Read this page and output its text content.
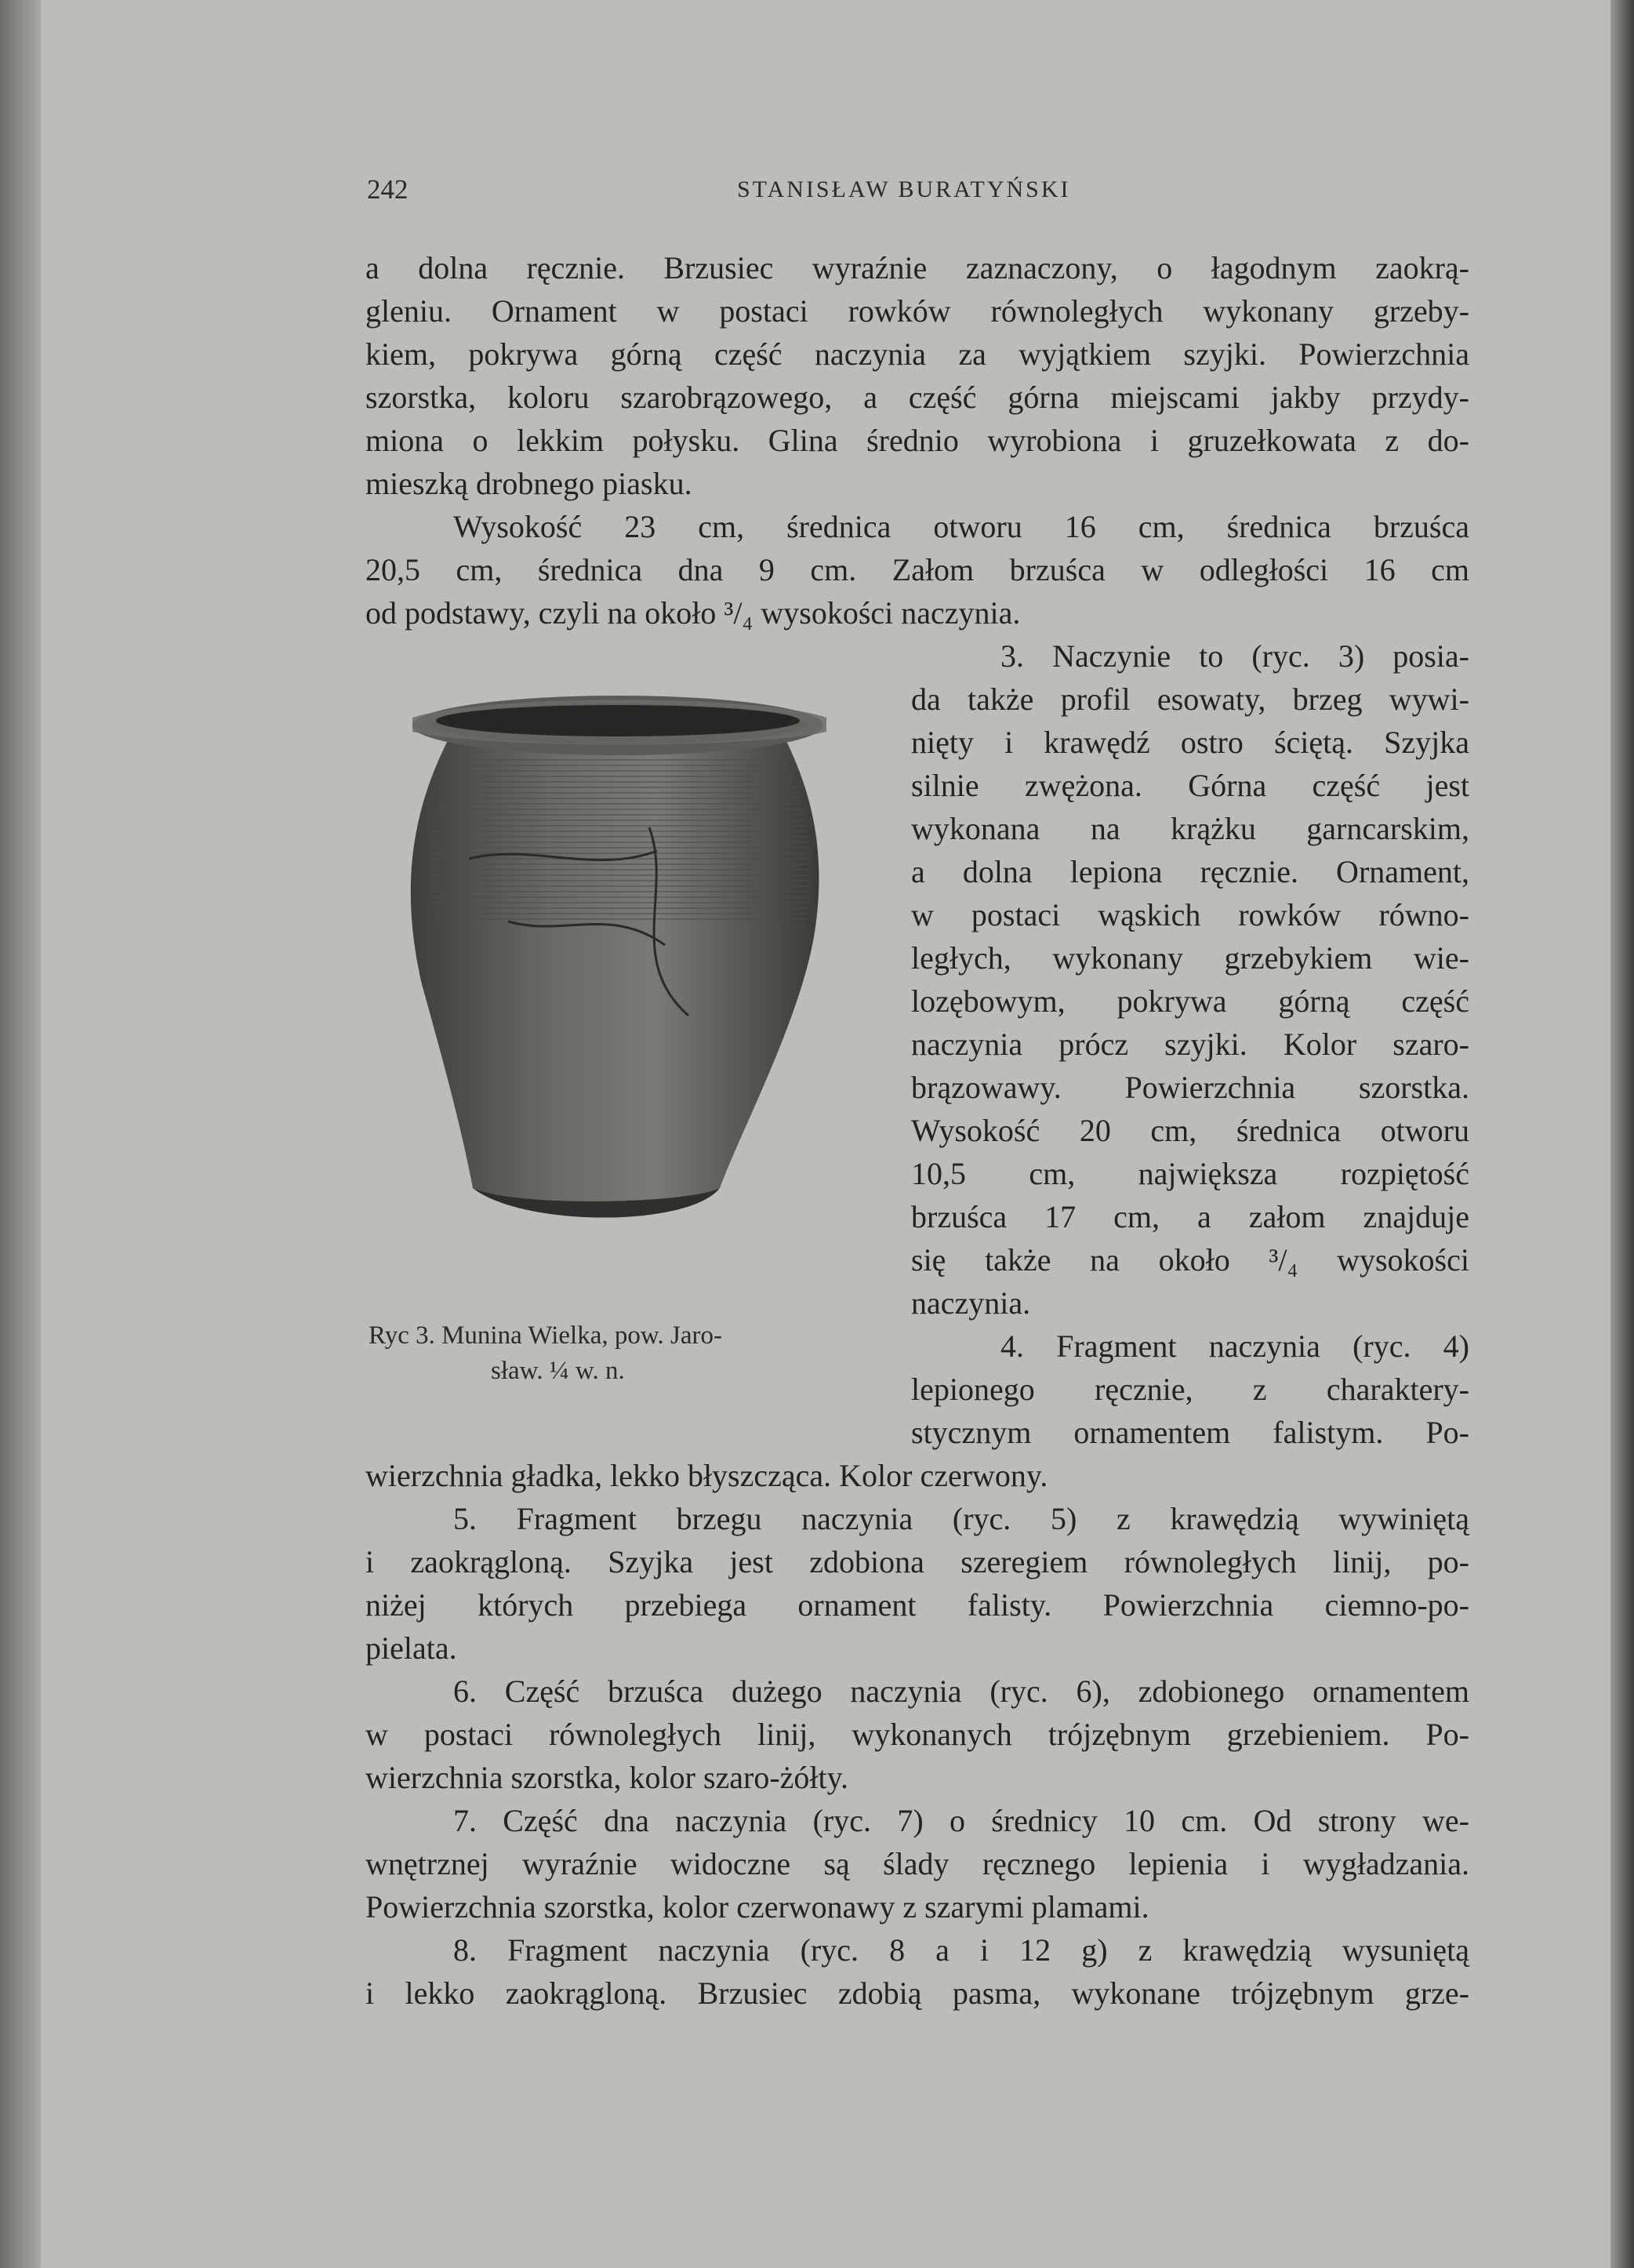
242	STANISŁAW BURATYŃSKI
a dolna ręcznie. Brzusiec wyraźnie zaznaczony, o łagodnym zaokrą-
gleniu. Ornament w postaci rowków równoległych wykonany grzeby-
kiem, pokrywa górną część naczynia za wyjątkiem szyjki. Powierzchnia
szorstka, koloru szarobrązowego, a część górna miejscami jakby przydy-
miona o lekkim połysku. Glina średnio wyrobiona i gruzełkowata z do-
mieszką drobnego piasku.
Wysokość 23 cm, średnica otworu 16 cm, średnica brzuśca
20,5 cm, średnica dna 9 cm. Załom brzuśca w odległości 16 cm
od podstawy, czyli na około ³/₄ wysokości naczynia.
3. Naczynie to (ryc. 3) posia-
da także profil esowaty, brzeg wywi-
nięty i krawędź ostro ściętą. Szyjka
silnie zwężona. Górna część jest
wykonana na krążku garncarskim,
a dolna lepiona ręcznie. Ornament,
w postaci wąskich rowków równo-
ległych, wykonany grzebykiem wie-
lozębowym, pokrywa górną część
naczynia prócz szyjki. Kolor szaro-
brązowawy. Powierzchnia szorstka.
Wysokość 20 cm, średnica otworu
10,5 cm, największa rozpiętość
brzuśca 17 cm, a załom znajduje
się także na około ³/₄ wysokości
naczynia.
4. Fragment naczynia (ryc. 4)
lepionego ręcznie, z charaktery-
stycznym ornamentem falistym. Po-
Ryc 3. Munina Wielka, pow. Jaro-
sław. ¼ w. n.
wierzchnia gładka, lekko błyszcząca. Kolor czerwony.
5. Fragment brzegu naczynia (ryc. 5) z krawędzią wywiniętą
i zaokrągloną. Szyjka jest zdobiona szeregiem równoległych linij, po-
niżej których przebiega ornament falisty. Powierzchnia ciemno-po-
pielata.
6. Część brzuśca dużego naczynia (ryc. 6), zdobionego ornamentem
w postaci równoległych linij, wykonanych trójzębnym grzebieniem. Po-
wierzchnia szorstka, kolor szaro-żółty.
7. Część dna naczynia (ryc. 7) o średnicy 10 cm. Od strony we-
wnętrznej wyraźnie widoczne są ślady ręcznego lepienia i wygładzania.
Powierzchnia szorstka, kolor czerwonawy z szarymi plamami.
8. Fragment naczynia (ryc. 8 a i 12 g) z krawędzią wysuniętą
i lekko zaokrągloną. Brzusiec zdobią pasma, wykonane trójzębnym grze-
